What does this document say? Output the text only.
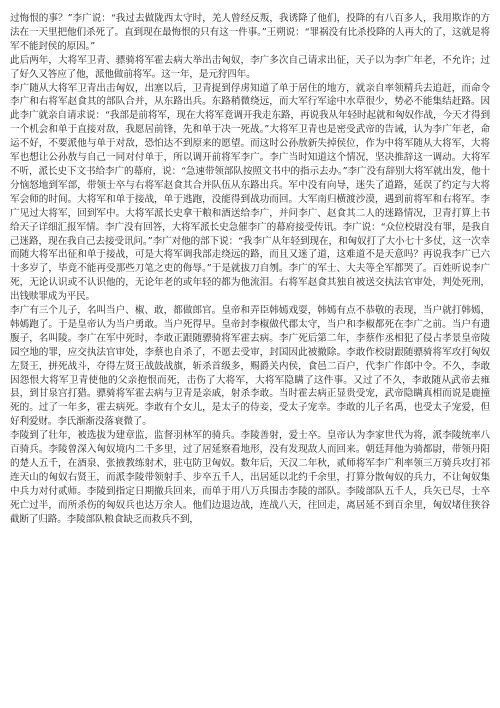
过悔恨的事？”李广说：“我过去做陇西太守时，羌人曾经反叛，我诱降了他们，投降的有八百多人，我用欺诈的方法在一天里把他们杀死了。直到现在最悔恨的只有这一件事。”王朔说：“罪祸没有比杀投降的人再大的了，这就是将军不能封侯的原因。”

此后两年，大将军卫青、骠骑将军霍去病大举出击匈奴，李广多次自己请求出征，天子以为李广年老，不允许；过了好久又答应了他，派他做前将军。这一年，是元狩四年。

李广随从大将军卫青出击匈奴，出塞以后，卫青捉到俘虏知道了单于居住的地方，就亲自率领精兵去追赶，而命令李广和右将军赵食其的部队合并，从东路出兵。东路稍微绕远，而大军行军途中水草很少，势必不能集结赶路。因此李广就亲自请求说：“我部是前将军，现在大将军竟调开我走东路，再说我从年轻时起就和匈奴作战，今天才得到一个机会和单于直接对敌，我愿居前锋，先和单于决一死战。”大将军卫青也是密受武帝的告诫，认为李广年老，命运不好，不要派他与单于对敌，恐怕达不到原来的愿望。而这时公孙敖新失掉侯位，作为中将军随从大将军，大将军也想让公孙敖与自己一同对付单于，所以调开前将军李广。李广当时知道这个情况，坚决推辞这一调动。大将军不听，派长史下文书给李广的幕府，说：“急速带领部队按照文书中的指示去办。”李广没有辞别大将军就出发，他十分恼怒地到军部，带领士卒与右将军赵食其合并队伍从东路出兵。军中没有向导，迷失了道路，延误了约定与大将军会师的时间。大将军和单于接战，单于逃跑，没能得到战功而回。大军南归横渡沙漠，遇到前将军和右将军。李广见过大将军，回到军中。大将军派长史拿干粮和酒送给李广，并问李广、赵食其二人的迷路情况，卫青打算上书给天子详细汇报军情。李广没有回答，大将军派长史急催李广的幕府接受传讯。李广说：“众位校尉没有罪，是我自己迷路，现在我自己去接受讯问。”李广对他的部下说：“我李广从年轻到现在，和匈奴打了大小七十多仗，这一次幸而随大将军出征和单于接战，可是大将军调我部走绕远的路，而且又迷了道，这难道不是天意吗？再说我李广已六十多岁了，毕竟不能再受那些刀笔之吏的侮辱。”于是就拔刀自刎。李广的军士、大夫等全军都哭了。百姓听说李广死，无论认识或不认识他的，无论年老的或年轻的都为他流泪。右将军赵食其独自被送交执法官审处，判处死刑，出钱赎罪成为平民。

李广有三个儿子，名叫当户、椒、敢，都做郎官。皇帝和弄臣韩嫣戏耍，韩嫣有点不恭敬的表现，当户就打韩嫣，韩嫣跑了。于是皇帝认为当户勇敢。当户死得早。皇帝封李椒做代郡太守，当户和李椒都死在李广之前。当户有遗腹子，名叫陵。李广在军中死时，李敢正跟随骠骑将军霍去病。李广死后第二年，李蔡作丞相犯了侵占孝景皇帝陵园空地的罪，应交执法官审处，李蔡也自杀了，不愿去受审，封国因此被撤除。李敢作校尉跟随骠骑将军攻打匈奴左贤王，拼死战斗，夺得左贤王战鼓战旗，斩杀首级多，赐爵关内侯，食邑二百户，代李广作郎中令。不久，李敢因怨恨大将军卫青使他的父亲抱恨而死，击伤了大将军，大将军隐瞒了这件事。又过了不久，李敢随从武帝去雍县，到甘泉宫打猎。骠骑将军霍去病与卫青是亲戚，射杀李敢。当时霍去病正显贵受宠，武帝隐瞒真相而说是鹿撞死的。过了一年多，霍去病死。李敢有个女儿，是太子的侍妾，受太子宠幸。李敢的儿子名禹，也受太子宠爱，但好利爱财。李氏渐渐没落衰微了。

李陵到了壮年，被选拔为建章监，监督羽林军的骑兵。李陵善射，爱士卒。皇帝认为李家世代为将，派李陵统率八百骑兵。李陵曾深入匈奴境内二千多里，过了居延察看地形，没有发现敌人而回来。朝廷拜他为骑都尉，带领丹阳的楚人五千，在酒泉、张掖教练射术，驻屯防卫匈奴。数年后，天汉二年秋，贰师将军李广利率领三万骑兵攻打祁连天山的匈奴右贤王，而派李陵带领射手、步卒五千人，出居延以北约千余里，打算分散匈奴的兵力，不让匈奴集中兵力对付贰师。李陵到指定日期撤兵回来，而单于用八万兵围击李陵的部队。李陵部队五千人，兵矢已尽，士卒死亡过半，而所杀伤的匈奴兵也达万余人。他们边退边战，连战八天，往回走，离居延不到百余里，匈奴堵住狭谷截断了归路。李陵部队粮食缺乏而救兵不到，
